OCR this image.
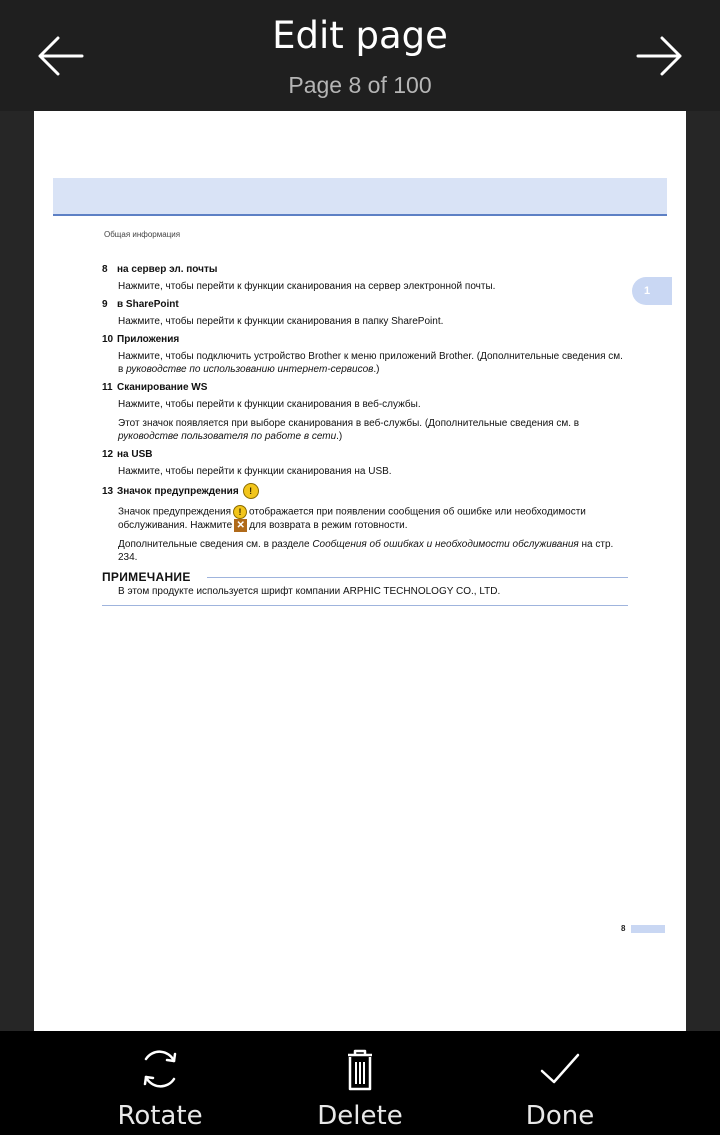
Edit page
Page 8 of 100
Общая информация
1
8 на сервер эл. почты
Нажмите, чтобы перейти к функции сканирования на сервер электронной почты.
9 в SharePoint
Нажмите, чтобы перейти к функции сканирования в папку SharePoint.
10 Приложения
Нажмите, чтобы подключить устройство Brother к меню приложений Brother. (Дополнительные сведения см. в руководстве по использованию интернет-сервисов.)
11 Сканирование WS
Нажмите, чтобы перейти к функции сканирования в веб-службы.
Этот значок появляется при выборе сканирования в веб-службы. (Дополнительные сведения см. в руководстве пользователя по работе в сети.)
12 на USB
Нажмите, чтобы перейти к функции сканирования на USB.
13 Значок предупреждения	!
Значок предупреждения ! отображается при появлении сообщения об ошибке или необходимости обслуживания. Нажмите ✕ для возврата в режим готовности.
Дополнительные сведения см. в разделе Сообщения об ошибках и необходимости обслуживания на стр. 234.
ПРИМЕЧАНИЕ
В этом продукте используется шрифт компании ARPHIC TECHNOLOGY CO., LTD.
8
Rotate	Delete	Done
